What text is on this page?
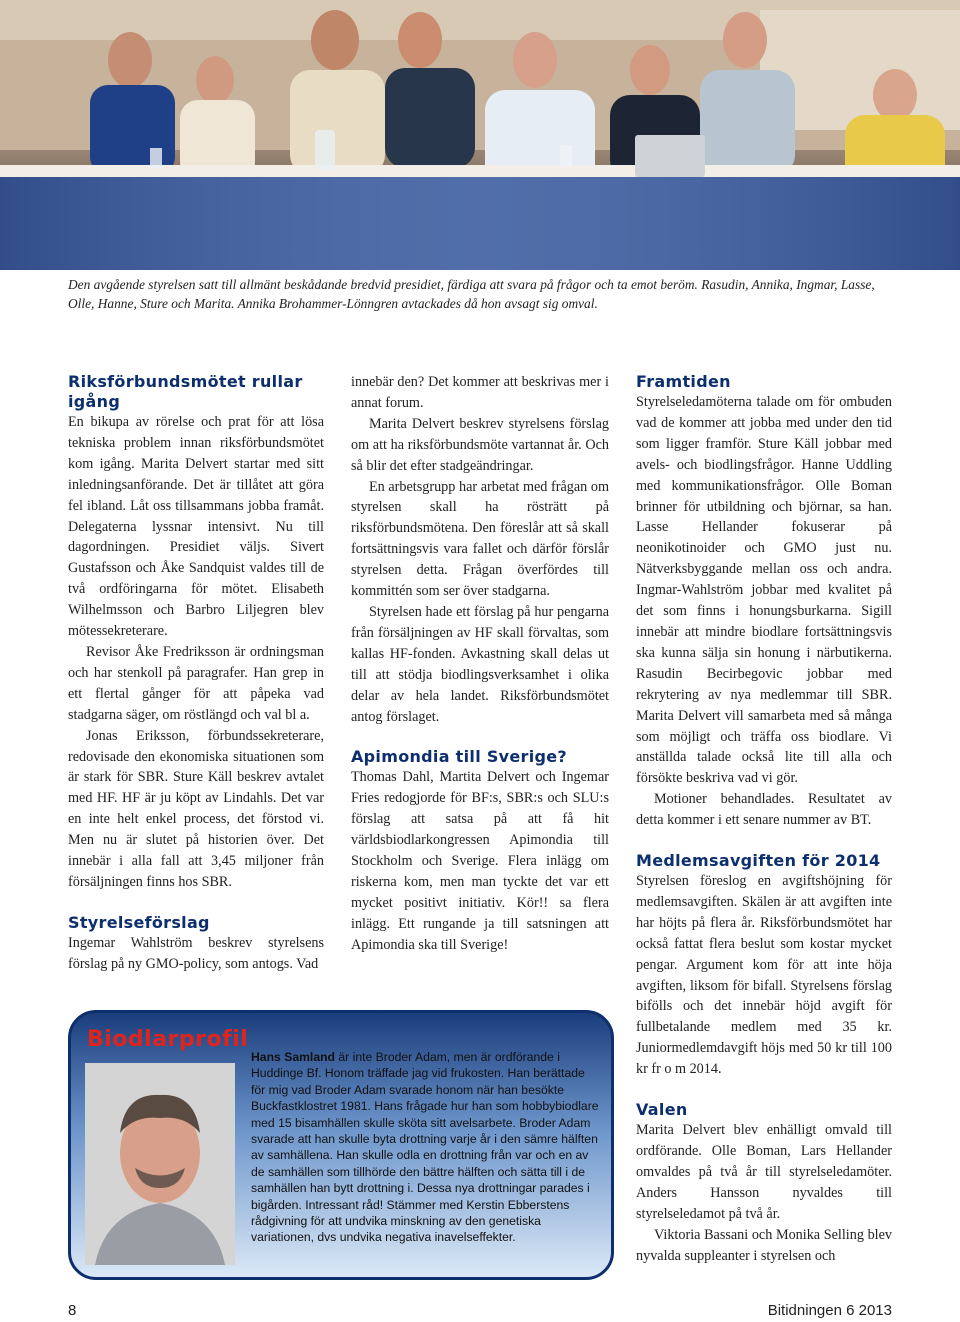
Den avgående styrelsen satt till allmänt beskådande bredvid presidiet, färdiga att svara på frågor och ta emot beröm. Rasudin, Annika, Ingmar, Lasse, Olle, Hanne, Sture och Marita. Annika Brohammer-Lönngren avtackades då hon avsagt sig omval.
Riksförbundsmötet rullar igång

En bikupa av rörelse och prat för att lösa tekniska problem innan riksförbundsmötet kom igång. Marita Delvert startar med sitt inledningsanförande. Det är tillåtet att göra fel ibland. Låt oss tillsammans jobba framåt. Delegaterna lyssnar intensivt. Nu till dagordningen. Presidiet väljs. Sivert Gustafsson och Åke Sandquist valdes till de två ordföringarna för mötet. Elisabeth Wilhelmsson och Barbro Liljegren blev mötessekreterare.

Revisor Åke Fredriksson är ordningsman och har stenkoll på paragrafer. Han grep in ett flertal gånger för att påpeka vad stadgarna säger, om röstlängd och val bl a.

Jonas Eriksson, förbundssekreterare, redovisade den ekonomiska situationen som är stark för SBR. Sture Käll beskrev avtalet med HF. HF är ju köpt av Lindahls. Det var en inte helt enkel process, det förstod vi. Men nu är slutet på historien över. Det innebär i alla fall att 3,45 miljoner från försäljningen finns hos SBR.

Styrelseförslag

Ingemar Wahlström beskrev styrelsens förslag på ny GMO-policy, som antogs. Vad

innebär den? Det kommer att beskrivas mer i annat forum.

Marita Delvert beskrev styrelsens förslag om att ha riksförbundsmöte vartannat år. Och så blir det efter stadgeändringar.

En arbetsgrupp har arbetat med frågan om styrelsen skall ha rösträtt på riksförbundsmötena. Den föreslår att så skall fortsättningsvis vara fallet och därför förslår styrelsen detta. Frågan överfördes till kommittén som ser över stadgarna.

Styrelsen hade ett förslag på hur pengarna från försäljningen av HF skall förvaltas, som kallas HF-fonden. Avkastning skall delas ut till att stödja biodlingsverksamhet i olika delar av hela landet. Riksförbundsmötet antog förslaget.

Apimondia till Sverige?

Thomas Dahl, Martita Delvert och Ingemar Fries redogjorde för BF:s, SBR:s och SLU:s förslag att satsa på att få hit världsbiodlarkongressen Apimondia till Stockholm och Sverige. Flera inlägg om riskerna kom, men man tyckte det var ett mycket positivt initiativ. Kör!! sa flera inlägg. Ett rungande ja till satsningen att Apimondia ska till Sverige!

Framtiden

Styrelseledamöterna talade om för ombuden vad de kommer att jobba med under den tid som ligger framför. Sture Käll jobbar med avels- och biodlingsfrågor. Hanne Uddling med kommunikationsfrågor. Olle Boman brinner för utbildning och björnar, sa han. Lasse Hellander fokuserar på neonikotinoider och GMO just nu. Nätverksbyggande mellan oss och andra. Ingmar-Wahlström jobbar med kvalitet på det som finns i honungsburkarna. Sigill innebär att mindre biodlare fortsättningsvis ska kunna sälja sin honung i närbutikerna. Rasudin Becirbegovic jobbar med rekrytering av nya medlemmar till SBR. Marita Delvert vill samarbeta med så många som möjligt och träffa oss biodlare. Vi anställda talade också lite till alla och försökte beskriva vad vi gör.

Motioner behandlades. Resultatet av detta kommer i ett senare nummer av BT.

Medlemsavgiften för 2014

Styrelsen föreslog en avgiftshöjning för medlemsavgiften. Skälen är att avgiften inte har höjts på flera år. Riksförbundsmötet har också fattat flera beslut som kostar mycket pengar. Argument kom för att inte höja avgiften, liksom för bifall. Styrelsens förslag bifölls och det innebär höjd avgift för fullbetalande medlem med 35 kr. Juniormedlemdavgift höjs med 50 kr till 100 kr fr o m 2014.

Valen

Marita Delvert blev enhälligt omvald till ordförande. Olle Boman, Lars Hellander omvaldes på två år till styrelseledamöter. Anders Hansson nyvaldes till styrelseledamot på två år.

Viktoria Bassani och Monika Selling blev nyvalda suppleanter i styrelsen och

Biodlarprofil
Hans Samland är inte Broder Adam, men är ordförande i Huddinge Bf. Honom träffade jag vid frukosten. Han berättade för mig vad Broder Adam svarade honom när han besökte Buckfastklostret 1981. Hans frågade hur han som hobbybiodlare med 15 bisamhällen skulle sköta sitt avelsarbete. Broder Adam svarade att han skulle byta drottning varje år i den sämre hälften av samhällena. Han skulle odla en drottning från var och en av de samhällen som tillhörde den bättre hälften och sätta till i de samhällen han bytt drottning i. Dessa nya drottningar parades i bigården. Intressant råd! Stämmer med Kerstin Ebberstens rådgivning för att undvika minskning av den genetiska variationen, dvs undvika negativa inavelseffekter.
8	Bitidningen 6 2013
